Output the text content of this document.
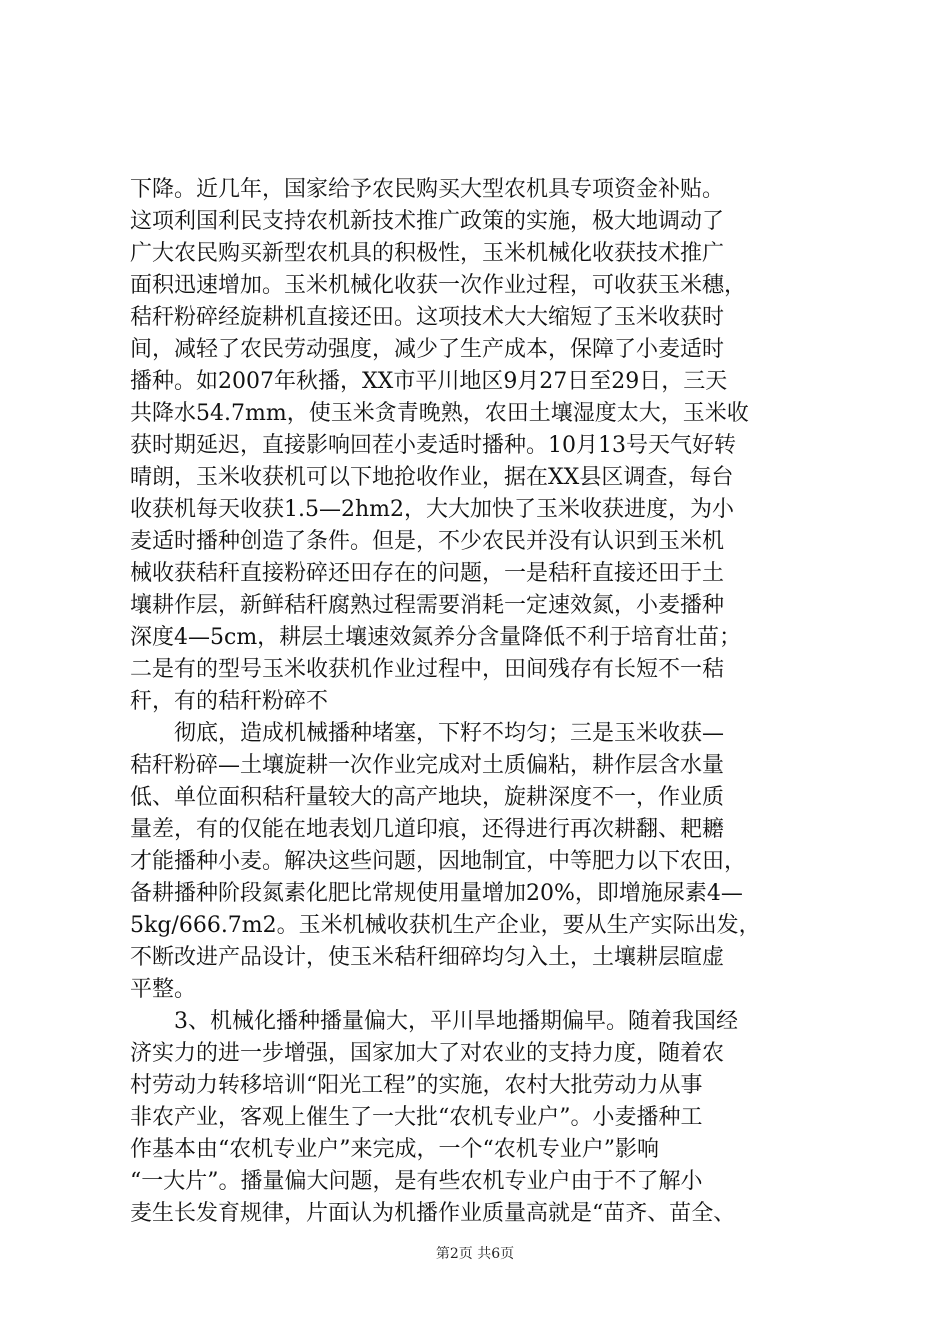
下降。近几年，国家给予农民购买大型农机具专项资金补贴。
这项利国利民支持农机新技术推广政策的实施，极大地调动了
广大农民购买新型农机具的积极性，玉米机械化收获技术推广
面积迅速增加。玉米机械化收获一次作业过程，可收获玉米穗，
秸秆粉碎经旋耕机直接还田。这项技术大大缩短了玉米收获时
间，减轻了农民劳动强度，减少了生产成本，保障了小麦适时
播种。如2007年秋播，XX市平川地区9月27日至29日，三天
共降水54.7mm，使玉米贪青晚熟，农田土壤湿度太大，玉米收
获时期延迟，直接影响回茬小麦适时播种。10月13号天气好转
晴朗，玉米收获机可以下地抢收作业，据在XX县区调查，每台
收获机每天收获1.5—2hm2，大大加快了玉米收获进度，为小
麦适时播种创造了条件。但是，不少农民并没有认识到玉米机
械收获秸秆直接粉碎还田存在的问题，一是秸秆直接还田于土
壤耕作层，新鲜秸秆腐熟过程需要消耗一定速效氮，小麦播种
深度4—5cm，耕层土壤速效氮养分含量降低不利于培育壮苗；
二是有的型号玉米收获机作业过程中，田间残存有长短不一秸
秆，有的秸秆粉碎不
彻底，造成机械播种堵塞，下籽不均匀；三是玉米收获—
秸秆粉碎—土壤旋耕一次作业完成对土质偏粘，耕作层含水量
低、单位面积秸秆量较大的高产地块，旋耕深度不一，作业质
量差，有的仅能在地表划几道印痕，还得进行再次耕翻、耙耱
才能播种小麦。解决这些问题，因地制宜，中等肥力以下农田，
备耕播种阶段氮素化肥比常规使用量增加20%，即增施尿素4—
5kg/666.7m2。玉米机械收获机生产企业，要从生产实际出发，
不断改进产品设计，使玉米秸秆细碎均匀入土，土壤耕层暄虚
平整。
3、机械化播种播量偏大，平川旱地播期偏早。随着我国经
济实力的进一步增强，国家加大了对农业的支持力度，随着农
村劳动力转移培训“阳光工程”的实施，农村大批劳动力从事
非农产业，客观上催生了一大批“农机专业户”。小麦播种工
作基本由“农机专业户”来完成，一个“农机专业户”影响
“一大片”。播量偏大问题，是有些农机专业户由于不了解小
麦生长发育规律，片面认为机播作业质量高就是“苗齐、苗全、
第2页 共6页
